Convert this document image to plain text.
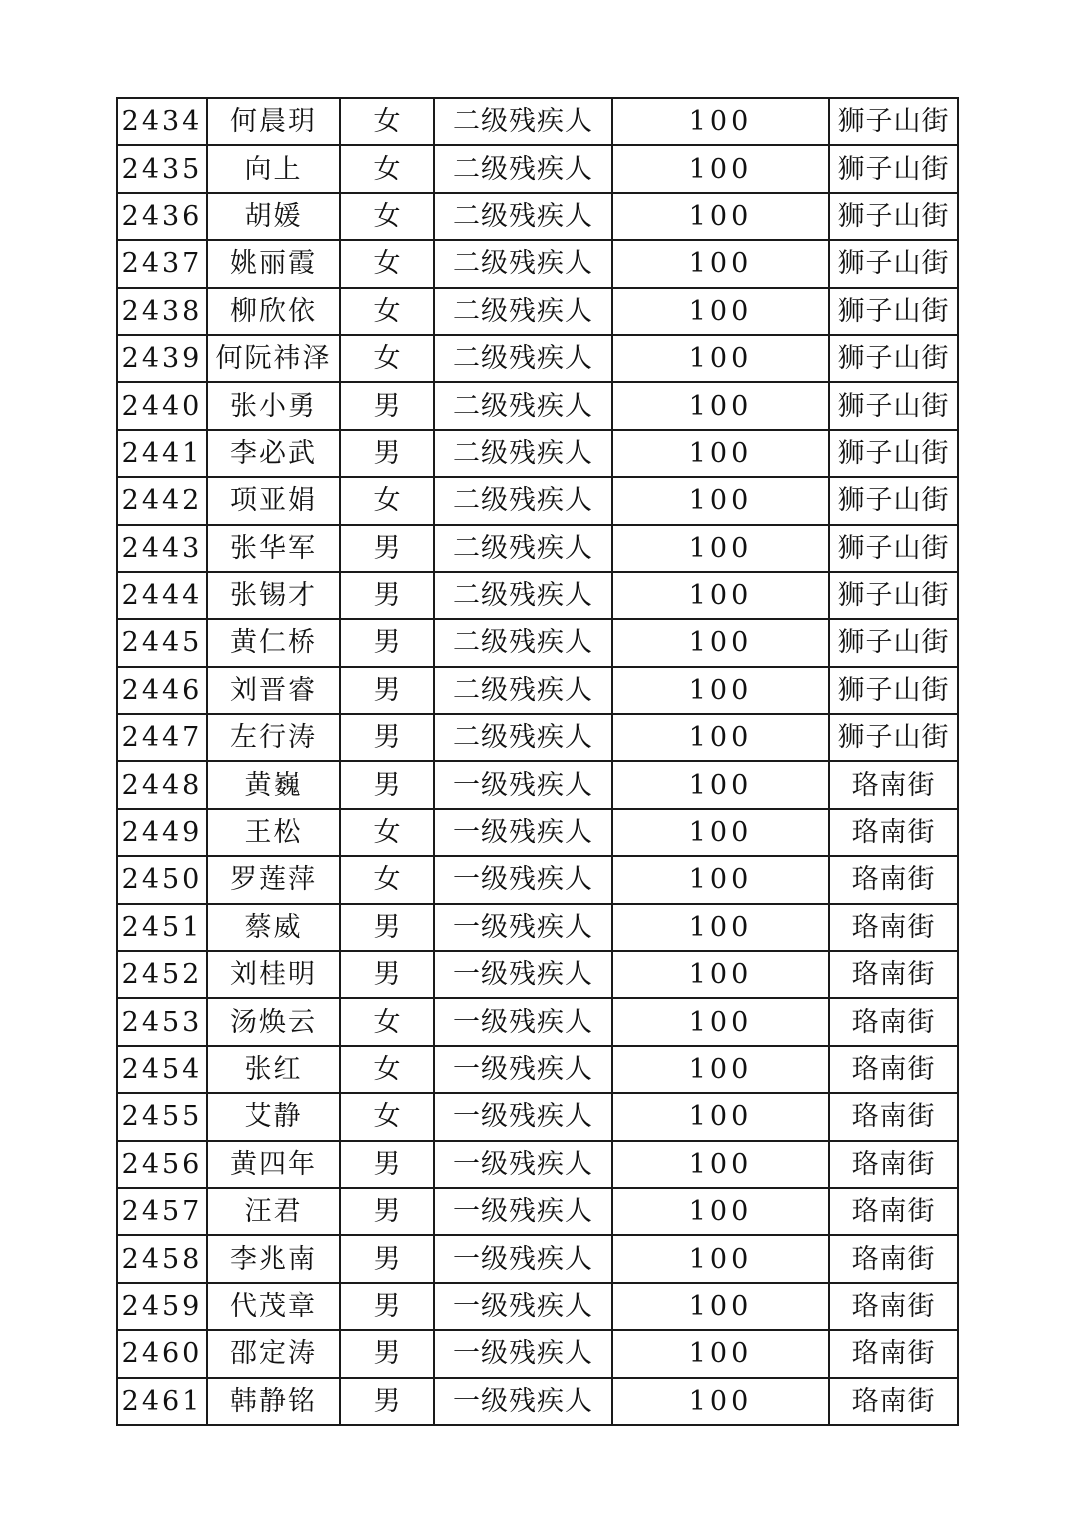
2434	何晨玥	女	二级残疾人	100	狮子山街
2435	向上	女	二级残疾人	100	狮子山街
2436	胡媛	女	二级残疾人	100	狮子山街
2437	姚丽霞	女	二级残疾人	100	狮子山街
2438	柳欣依	女	二级残疾人	100	狮子山街
2439	何阮祎泽	女	二级残疾人	100	狮子山街
2440	张小勇	男	二级残疾人	100	狮子山街
2441	李必武	男	二级残疾人	100	狮子山街
2442	项亚娟	女	二级残疾人	100	狮子山街
2443	张华军	男	二级残疾人	100	狮子山街
2444	张锡才	男	二级残疾人	100	狮子山街
2445	黄仁桥	男	二级残疾人	100	狮子山街
2446	刘晋睿	男	二级残疾人	100	狮子山街
2447	左行涛	男	二级残疾人	100	狮子山街
2448	黄巍	男	一级残疾人	100	珞南街
2449	王松	女	一级残疾人	100	珞南街
2450	罗莲萍	女	一级残疾人	100	珞南街
2451	蔡威	男	一级残疾人	100	珞南街
2452	刘桂明	男	一级残疾人	100	珞南街
2453	汤焕云	女	一级残疾人	100	珞南街
2454	张红	女	一级残疾人	100	珞南街
2455	艾静	女	一级残疾人	100	珞南街
2456	黄四年	男	一级残疾人	100	珞南街
2457	汪君	男	一级残疾人	100	珞南街
2458	李兆南	男	一级残疾人	100	珞南街
2459	代茂章	男	一级残疾人	100	珞南街
2460	邵定涛	男	一级残疾人	100	珞南街
2461	韩静铭	男	一级残疾人	100	珞南街
